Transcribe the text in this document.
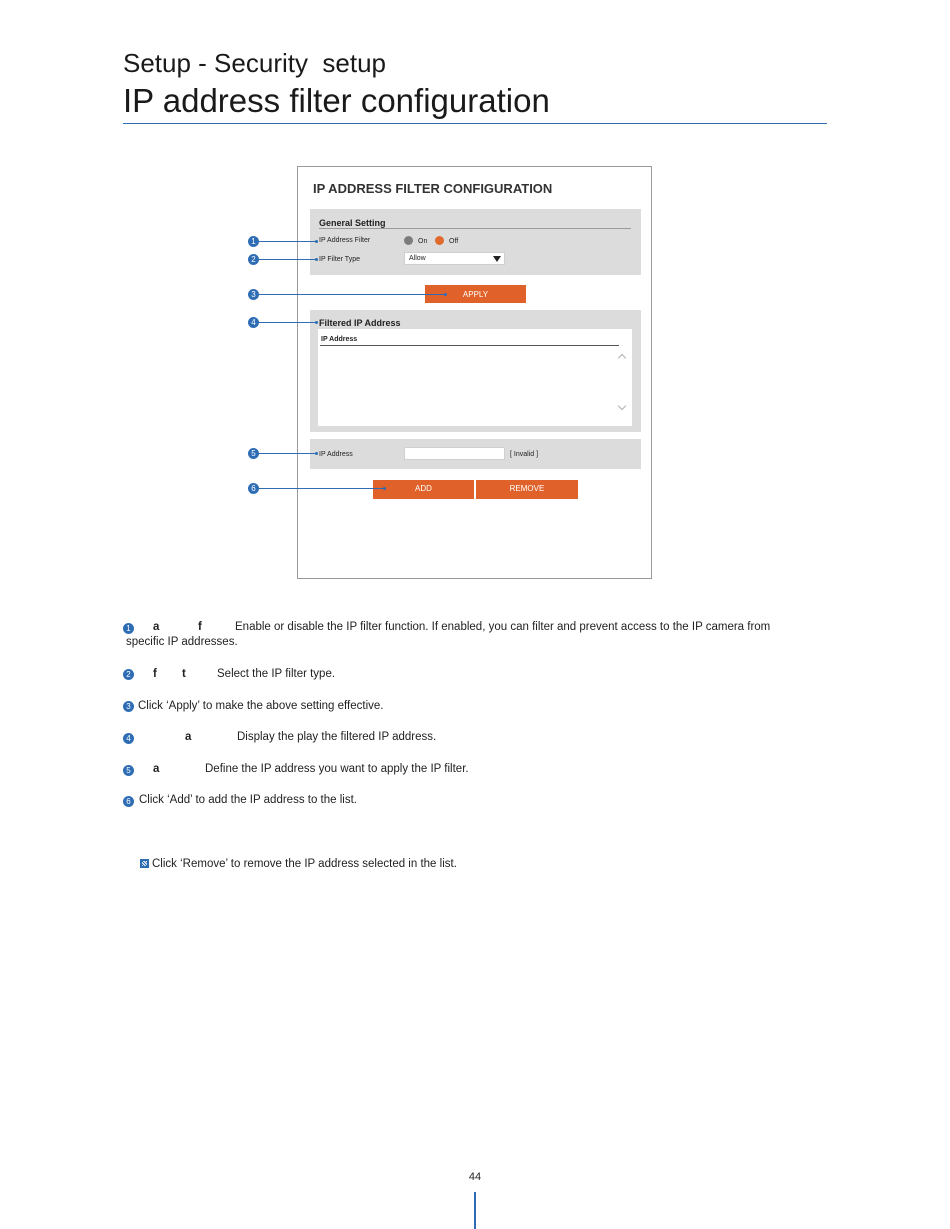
Setup - Security  setup
IP address filter configuration
IP ADDRESS FILTER CONFIGURATION
General Setting
IP Address Filter	On	Off
IP Filter Type	Allow
APPLY
Filtered IP Address
IP Address
IP Address	[ Invalid ]
ADD	REMOVE
1
2
3
4
5
6
1 a	f	Enable or disable the IP filter function. If enabled, you can filter and prevent access to the IP camera from
specific IP addresses.
2 f t	Select the IP filter type.
3 Click ‘Apply’ to make the above setting effective.
4	a	Display the play the filtered IP address.
5 a	Define the IP address you want to apply the IP filter.
6 Click ‘Add’ to add the IP address to the list.
Click ‘Remove’ to remove the IP address selected in the list.
44
